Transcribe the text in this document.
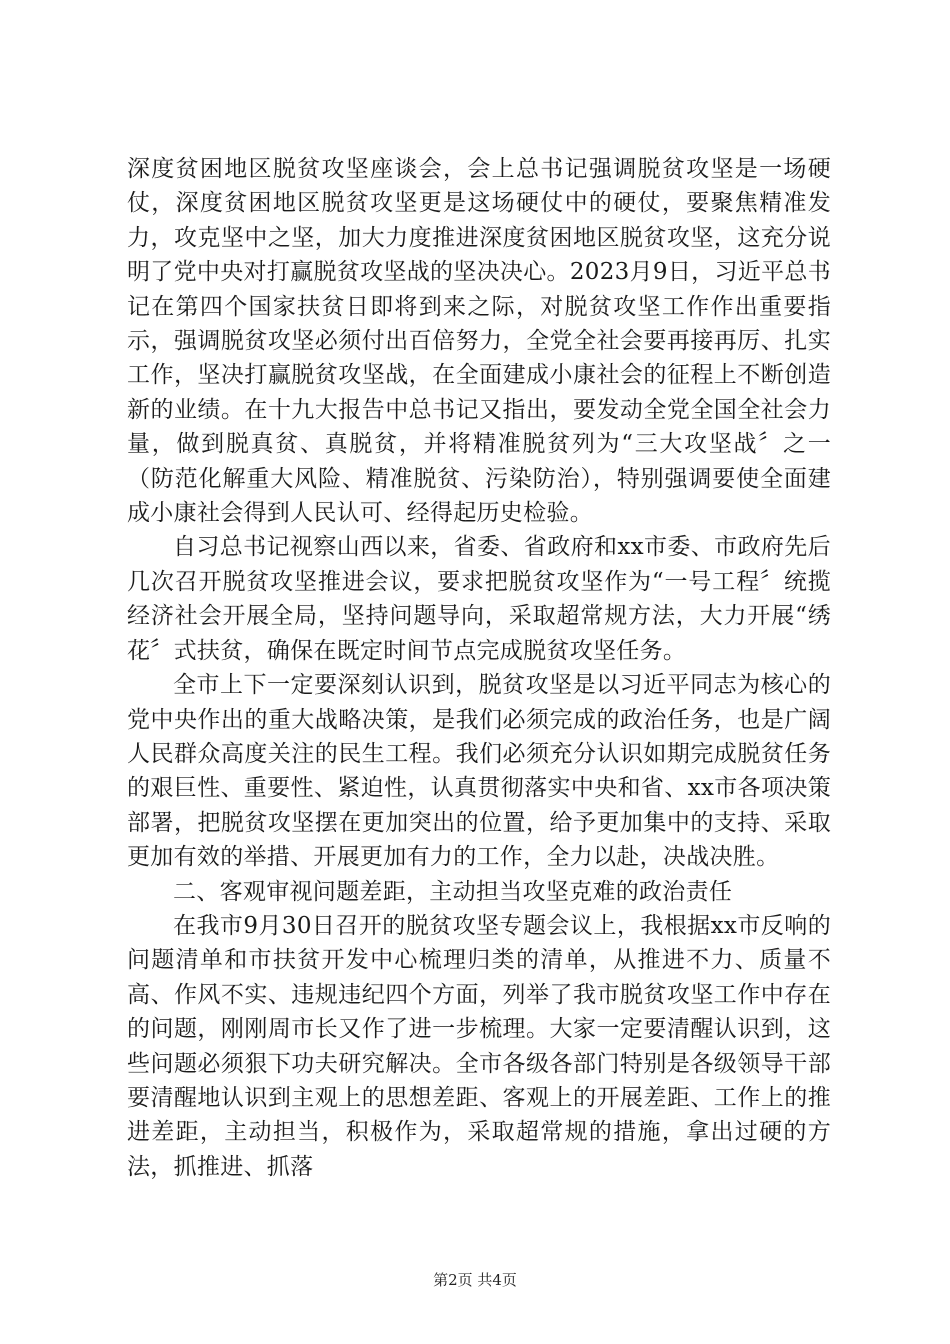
深度贫困地区脱贫攻坚座谈会，会上总书记强调脱贫攻坚是一场硬仗，深度贫困地区脱贫攻坚更是这场硬仗中的硬仗，要聚焦精准发力，攻克坚中之坚，加大力度推进深度贫困地区脱贫攻坚，这充分说明了党中央对打赢脱贫攻坚战的坚决决心。2023月9日，习近平总书记在第四个国家扶贫日即将到来之际，对脱贫攻坚工作作出重要指示，强调脱贫攻坚必须付出百倍努力，全党全社会要再接再厉、扎实工作，坚决打赢脱贫攻坚战，在全面建成小康社会的征程上不断创造新的业绩。在十九大报告中总书记又指出，要发动全党全国全社会力量，做到脱真贫、真脱贫，并将精准脱贫列为“三大攻坚战〞之一（防范化解重大风险、精准脱贫、污染防治），特别强调要使全面建成小康社会得到人民认可、经得起历史检验。

自习总书记视察山西以来，省委、省政府和xx市委、市政府先后几次召开脱贫攻坚推进会议，要求把脱贫攻坚作为“一号工程〞统揽经济社会开展全局，坚持问题导向，采取超常规方法，大力开展“绣花〞式扶贫，确保在既定时间节点完成脱贫攻坚任务。

全市上下一定要深刻认识到，脱贫攻坚是以习近平同志为核心的党中央作出的重大战略决策，是我们必须完成的政治任务，也是广阔人民群众高度关注的民生工程。我们必须充分认识如期完成脱贫任务的艰巨性、重要性、紧迫性，认真贯彻落实中央和省、xx市各项决策部署，把脱贫攻坚摆在更加突出的位置，给予更加集中的支持、采取更加有效的举措、开展更加有力的工作，全力以赴，决战决胜。

二、客观审视问题差距，主动担当攻坚克难的政治责任

在我市9月30日召开的脱贫攻坚专题会议上，我根据xx市反响的问题清单和市扶贫开发中心梳理归类的清单，从推进不力、质量不高、作风不实、违规违纪四个方面，列举了我市脱贫攻坚工作中存在的问题，刚刚周市长又作了进一步梳理。大家一定要清醒认识到，这些问题必须狠下功夫研究解决。全市各级各部门特别是各级领导干部要清醒地认识到主观上的思想差距、客观上的开展差距、工作上的推进差距，主动担当，积极作为，采取超常规的措施，拿出过硬的方法，抓推进、抓落

第2页 共4页
